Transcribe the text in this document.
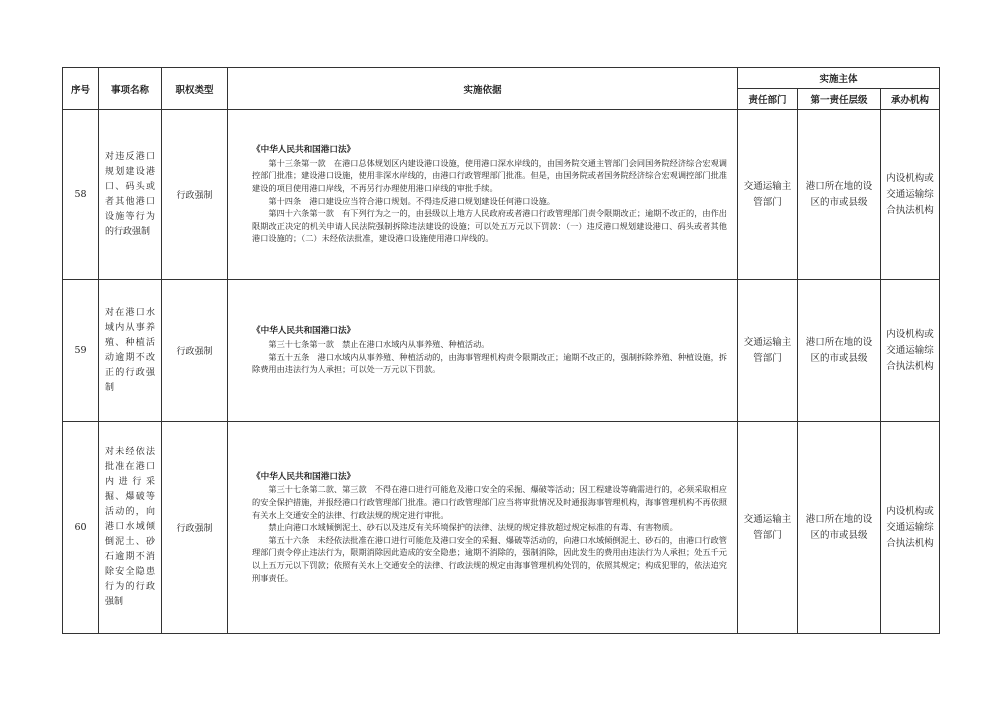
序号	事项名称	职权类型	实施依据	实施主体		
				责任部门	第一责任层级	承办机构
58	对违反港口规划建设港口、码头或者其他港口设施等行为的行政强制	行政强制	《中华人民共和国港口法》

第十三条第一款　在港口总体规划区内建设港口设施，使用港口深水岸线的，由国务院交通主管部门会同国务院经济综合宏观调控部门批准；建设港口设施，使用非深水岸线的，由港口行政管理部门批准。但是，由国务院或者国务院经济综合宏观调控部门批准建设的项目使用港口岸线，不再另行办理使用港口岸线的审批手续。

第十四条　港口建设应当符合港口规划。不得违反港口规划建设任何港口设施。

第四十六条第一款　有下列行为之一的，由县级以上地方人民政府或者港口行政管理部门责令限期改正；逾期不改正的，由作出限期改正决定的机关申请人民法院强制拆除违法建设的设施；可以处五万元以下罚款：（一）违反港口规划建设港口、码头或者其他港口设施的；（二）未经依法批准，建设港口设施使用港口岸线的。	交通运输主管部门	港口所在地的设区的市或县级	内设机构或交通运输综合执法机构
59	对在港口水域内从事养殖、种植活动逾期不改正的行政强制	行政强制	《中华人民共和国港口法》

第三十七条第一款　禁止在港口水域内从事养殖、种植活动。

第五十五条　港口水域内从事养殖、种植活动的，由海事管理机构责令限期改正；逾期不改正的，强制拆除养殖、种植设施，拆除费用由违法行为人承担；可以处一万元以下罚款。	交通运输主管部门	港口所在地的设区的市或县级	内设机构或交通运输综合执法机构
60	对未经依法批准在港口内进行采掘、爆破等活动的，向港口水域倾倒泥土、砂石逾期不消除安全隐患行为的行政强制	行政强制	《中华人民共和国港口法》

第三十七条第二款、第三款　不得在港口进行可能危及港口安全的采掘、爆破等活动；因工程建设等确需进行的，必须采取相应的安全保护措施，并报经港口行政管理部门批准。港口行政管理部门应当将审批情况及时通报海事管理机构，海事管理机构不再依照有关水上交通安全的法律、行政法规的规定进行审批。

禁止向港口水域倾倒泥土、砂石以及违反有关环境保护的法律、法规的规定排放超过规定标准的有毒、有害物质。

第五十六条　未经依法批准在港口进行可能危及港口安全的采掘、爆破等活动的，向港口水域倾倒泥土、砂石的，由港口行政管理部门责令停止违法行为，限期消除因此造成的安全隐患；逾期不消除的，强制消除，因此发生的费用由违法行为人承担；处五千元以上五万元以下罚款；依照有关水上交通安全的法律、行政法规的规定由海事管理机构处罚的，依照其规定；构成犯罪的，依法追究刑事责任。	交通运输主管部门	港口所在地的设区的市或县级	内设机构或交通运输综合执法机构
